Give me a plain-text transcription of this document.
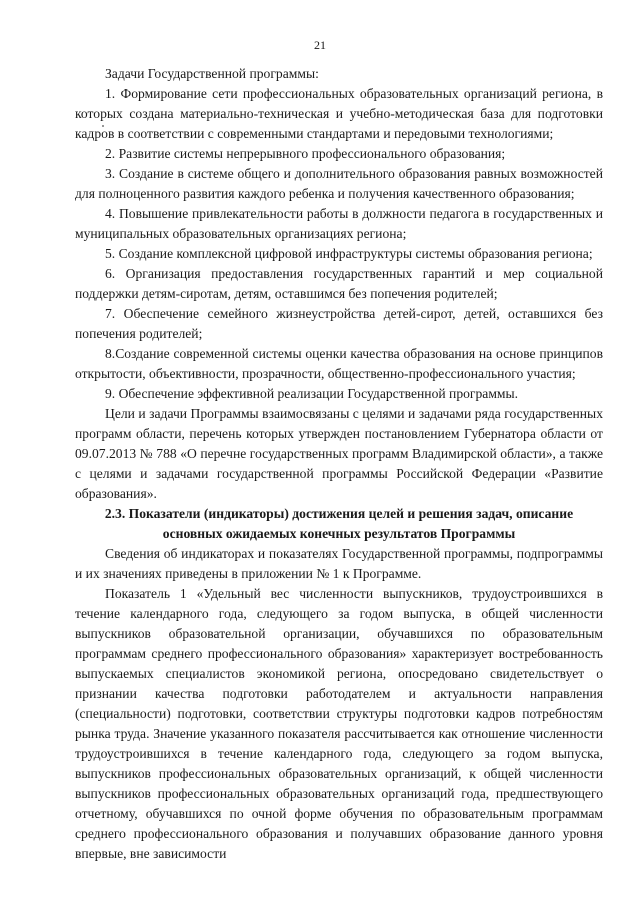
21

Задачи Государственной программы:

1. Формирование сети профессиональных образовательных организаций региона, в которых создана материально-техническая и учебно-методическая база для подготовки кадров в соответствии с современными стандартами и передовыми технологиями;

2. Развитие системы непрерывного профессионального образования;

3. Создание в системе общего и дополнительного образования равных возможностей для полноценного развития каждого ребенка и получения качественного образования;

4. Повышение привлекательности работы в должности педагога в государственных и муниципальных образовательных организациях региона;

5. Создание комплексной цифровой инфраструктуры системы образования региона;

6. Организация предоставления государственных гарантий и мер социальной поддержки детям-сиротам, детям, оставшимся без попечения родителей;

7. Обеспечение семейного жизнеустройства детей-сирот, детей, оставшихся без попечения родителей;

8.Создание современной системы оценки качества образования на основе принципов открытости, объективности, прозрачности, общественно-профессионального участия;

9. Обеспечение эффективной реализации Государственной программы.

Цели и задачи Программы взаимосвязаны с целями и задачами ряда государственных программ области, перечень которых утвержден постановлением Губернатора области от 09.07.2013 № 788 «О перечне государственных программ Владимирской области», а также с целями и задачами государственной программы Российской Федерации «Развитие образования».

2.3. Показатели (индикаторы) достижения целей и решения задач, описание основных ожидаемых конечных результатов Программы

Сведения об индикаторах и показателях Государственной программы, подпрограммы и их значениях приведены в приложении № 1 к Программе.

Показатель 1 «Удельный вес численности выпускников, трудоустроившихся в течение календарного года, следующего за годом выпуска, в общей численности выпускников образовательной организации, обучавшихся по образовательным программам среднего профессионального образования» характеризует востребованность выпускаемых специалистов экономикой региона, опосредовано свидетельствует о признании качества подготовки работодателем и актуальности направления (специальности) подготовки, соответствии структуры подготовки кадров потребностям рынка труда. Значение указанного показателя рассчитывается как отношение численности трудоустроившихся в течение календарного года, следующего за годом выпуска, выпускников профессиональных образовательных организаций, к общей численности выпускников профессиональных образовательных организаций года, предшествующего отчетному, обучавшихся по очной форме обучения по образовательным программам среднего профессионального образования и получавших образование данного уровня впервые, вне зависимости
